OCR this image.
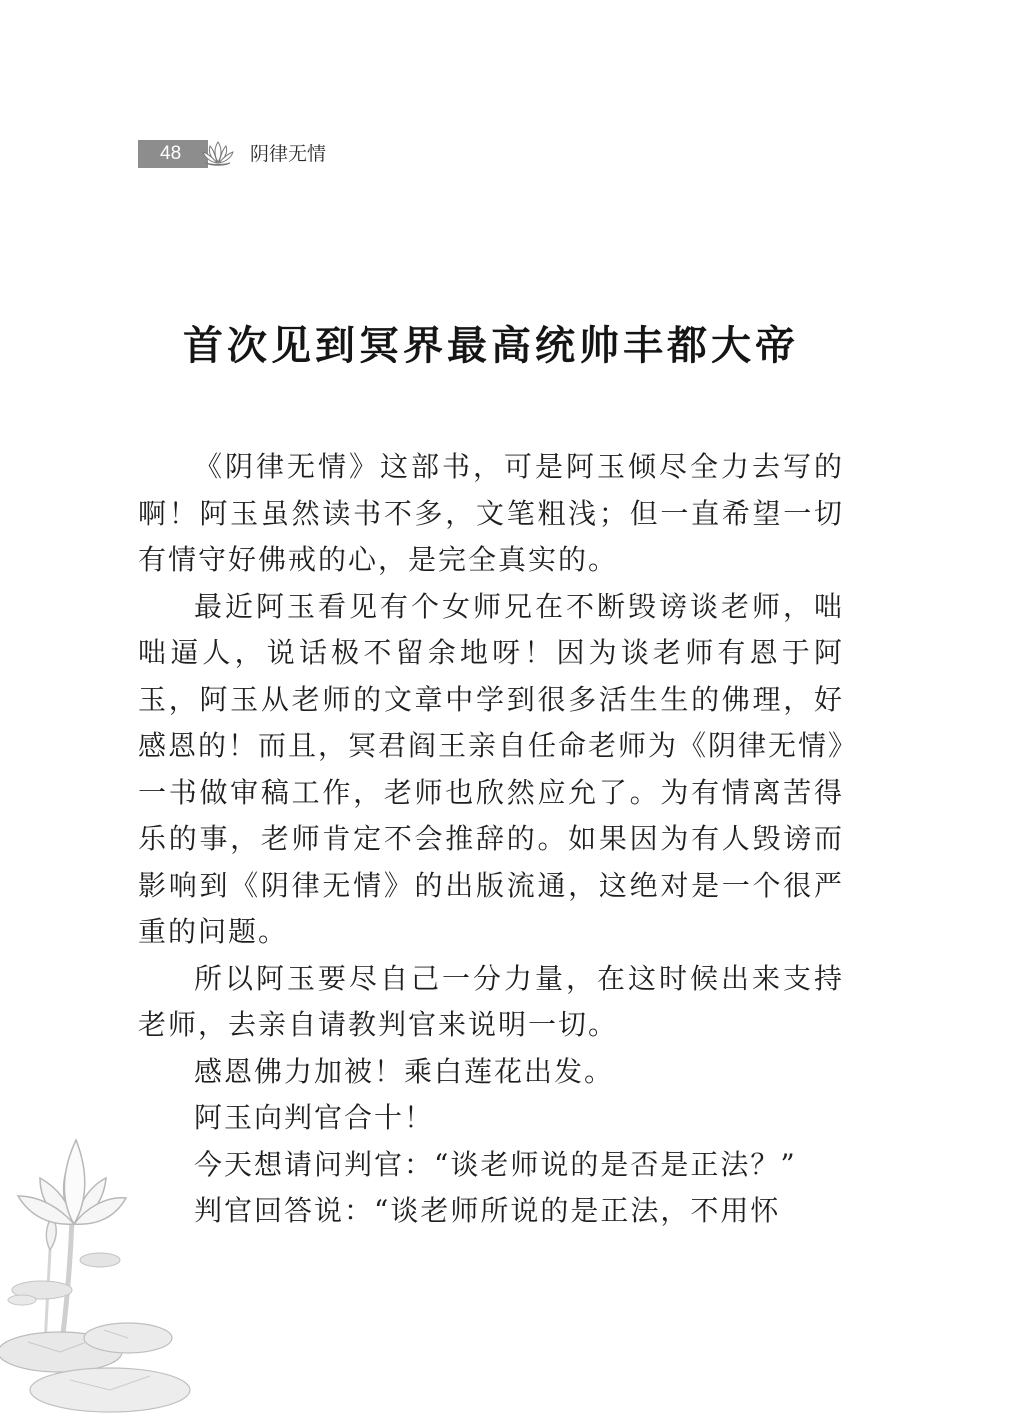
48	阴律无情
首次见到冥界最高统帅丰都大帝

《阴律无情》这部书，可是阿玉倾尽全力去写的啊！阿玉虽然读书不多，文笔粗浅；但一直希望一切有情守好佛戒的心，是完全真实的。

最近阿玉看见有个女师兄在不断毁谤谈老师，咄咄逼人，说话极不留余地呀！因为谈老师有恩于阿玉，阿玉从老师的文章中学到很多活生生的佛理，好感恩的！而且，冥君阎王亲自任命老师为《阴律无情》一书做审稿工作，老师也欣然应允了。为有情离苦得乐的事，老师肯定不会推辞的。如果因为有人毁谤而影响到《阴律无情》的出版流通，这绝对是一个很严重的问题。

所以阿玉要尽自己一分力量，在这时候出来支持老师，去亲自请教判官来说明一切。

感恩佛力加被！乘白莲花出发。

阿玉向判官合十！

今天想请问判官：“谈老师说的是否是正法？”

判官回答说：“谈老师所说的是正法，不用怀
